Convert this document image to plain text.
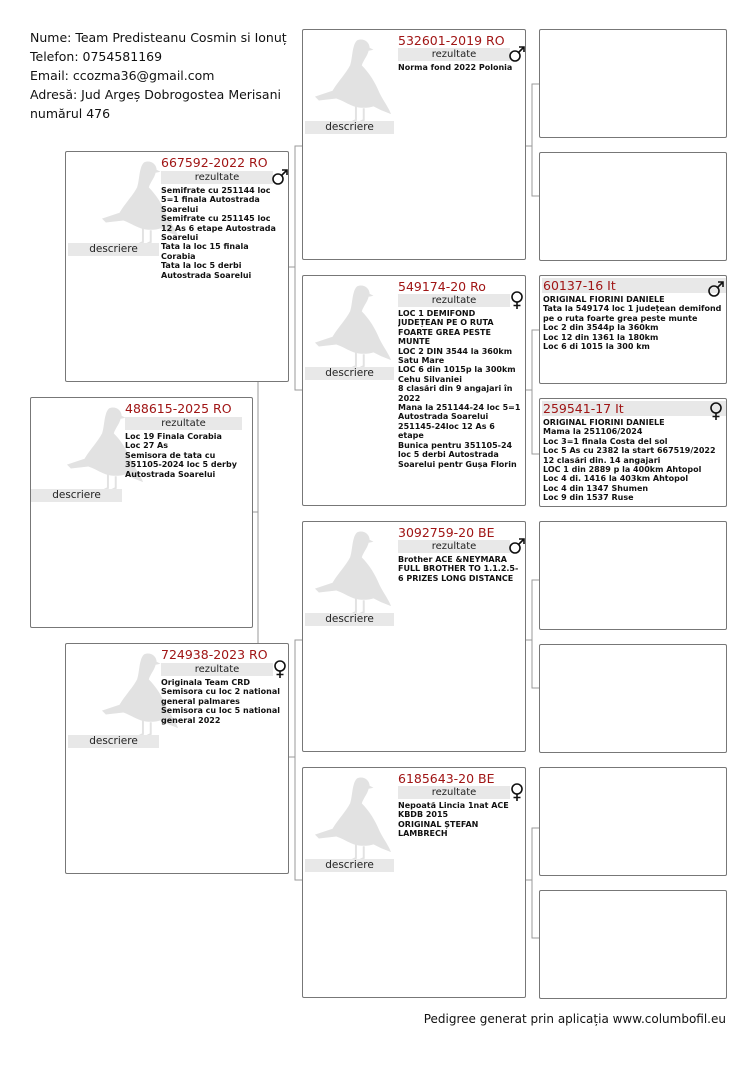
Nume: Team Predisteanu Cosmin si Ionuț
Telefon: 0754581169
Email: ccozma36@gmail.com
Adresă: Jud Argeș Dobrogostea Merisani
numărul 476
descriere
488615-2025 RO
rezultate
Loc 19 Finala Corabia
Loc 27 As
Semisora de tata cu 351105-2024 loc 5 derby Autostrada Soarelui
descriere
667592-2022 RO
rezultate
Semifrate cu 251144 loc 5=1 finala Autostrada Soarelui
Semifrate cu 251145 loc 12 As 6 etape Autostrada Soarelui
Tata la loc 15 finala Corabia
Tata la loc 5 derbi Autostrada Soarelui
descriere
724938-2023 RO
rezultate
Originala Team CRD
Semisora cu loc 2 national general palmares
Semisora cu loc 5 national general 2022
descriere
532601-2019 RO
rezultate
Norma fond 2022 Polonia
descriere
549174-20 Ro
rezultate
LOC 1 DEMIFOND JUDEȚEAN PE O RUTA FOARTE GREA PESTE MUNTE
LOC 2 DIN 3544 la 360km Satu Mare
LOC 6 din 1015p la 300km Cehu Silvaniei
8 clasări din 9 angajari în 2022
Mana la 251144-24 loc 5=1 Autostrada Soarelui 251145-24loc 12 As 6 etape
Bunica pentru 351105-24 loc 5 derbi Autostrada Soarelui pentr Gușa Florin
descriere
3092759-20 BE
rezultate
Brother ACE &NEYMARA FULL BROTHER TO 1.1.2.5-6 PRIZES LONG DISTANCE
descriere
6185643-20 BE
rezultate
Nepoată Lincia 1nat ACE KBDB 2015
ORIGINAL ȘTEFAN LAMBRECH
60137-16 It
ORIGINAL FIORINI DANIELE
Tata la 549174 loc 1 județean demifond pe o ruta foarte grea peste munte
Loc 2 din 3544p la 360km
Loc 12 din 1361 la 180km
Loc 6 di 1015 la 300 km
259541-17 It
ORIGINAL FIORINI DANIELE
Mama la 251106/2024
Loc 3=1 finala Costa del sol
Loc 5 As cu 2382 la start 667519/2022 12 clasări din. 14 angajari
LOC 1 din 2889 p la 400km Ahtopol
Loc 4 di. 1416 la 403km Ahtopol
Loc 4 din 1347 Shumen
Loc 9 din 1537 Ruse
Pedigree generat prin aplicația www.columbofil.eu
